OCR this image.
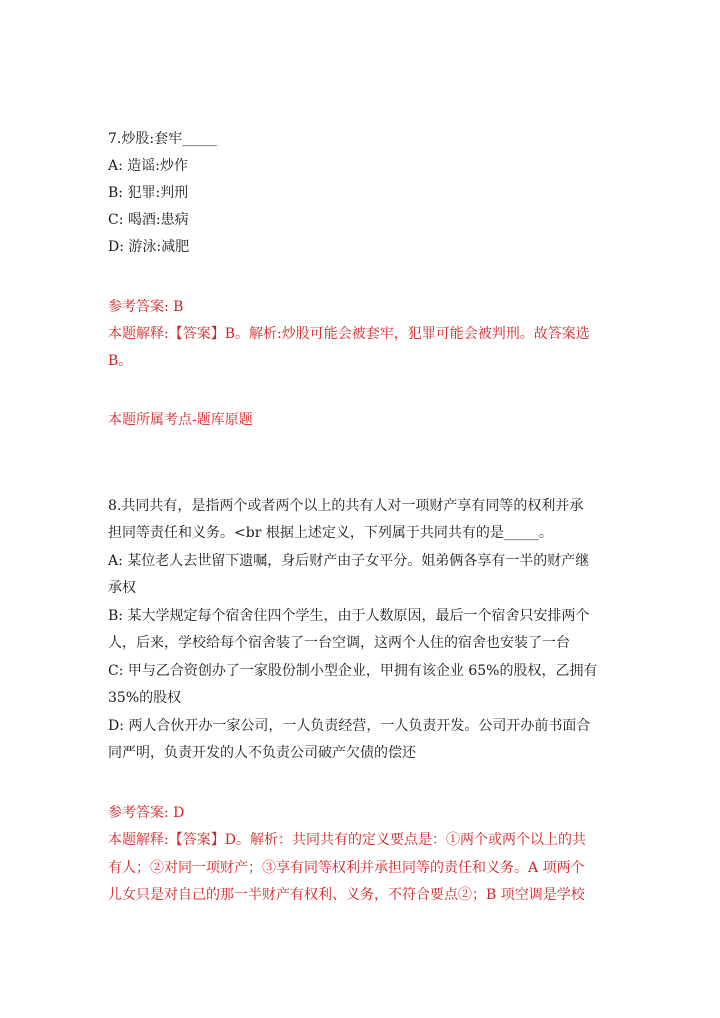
7.炒股:套牢_____
A: 造谣:炒作
B: 犯罪:判刑
C: 喝酒:患病
D: 游泳:减肥
参考答案: B
本题解释:【答案】B。解析:炒股可能会被套牢，犯罪可能会被判刑。故答案选
B。
本题所属考点-题库原题
8.共同共有，是指两个或者两个以上的共有人对一项财产享有同等的权利并承
担同等责任和义务。<br 根据上述定义，下列属于共同共有的是_____。
A: 某位老人去世留下遗嘱，身后财产由子女平分。姐弟俩各享有一半的财产继
承权
B: 某大学规定每个宿舍住四个学生，由于人数原因，最后一个宿舍只安排两个
人，后来，学校给每个宿舍装了一台空调，这两个人住的宿舍也安装了一台
C: 甲与乙合资创办了一家股份制小型企业，甲拥有该企业 65%的股权，乙拥有
35%的股权
D: 两人合伙开办一家公司，一人负责经营，一人负责开发。公司开办前书面合
同严明，负责开发的人不负责公司破产欠债的偿还
参考答案: D
本题解释:【答案】D。解析：共同共有的定义要点是：①两个或两个以上的共
有人；②对同一项财产；③享有同等权利并承担同等的责任和义务。A 项两个
儿女只是对自己的那一半财产有权利、义务，不符合要点②；B 项空调是学校
